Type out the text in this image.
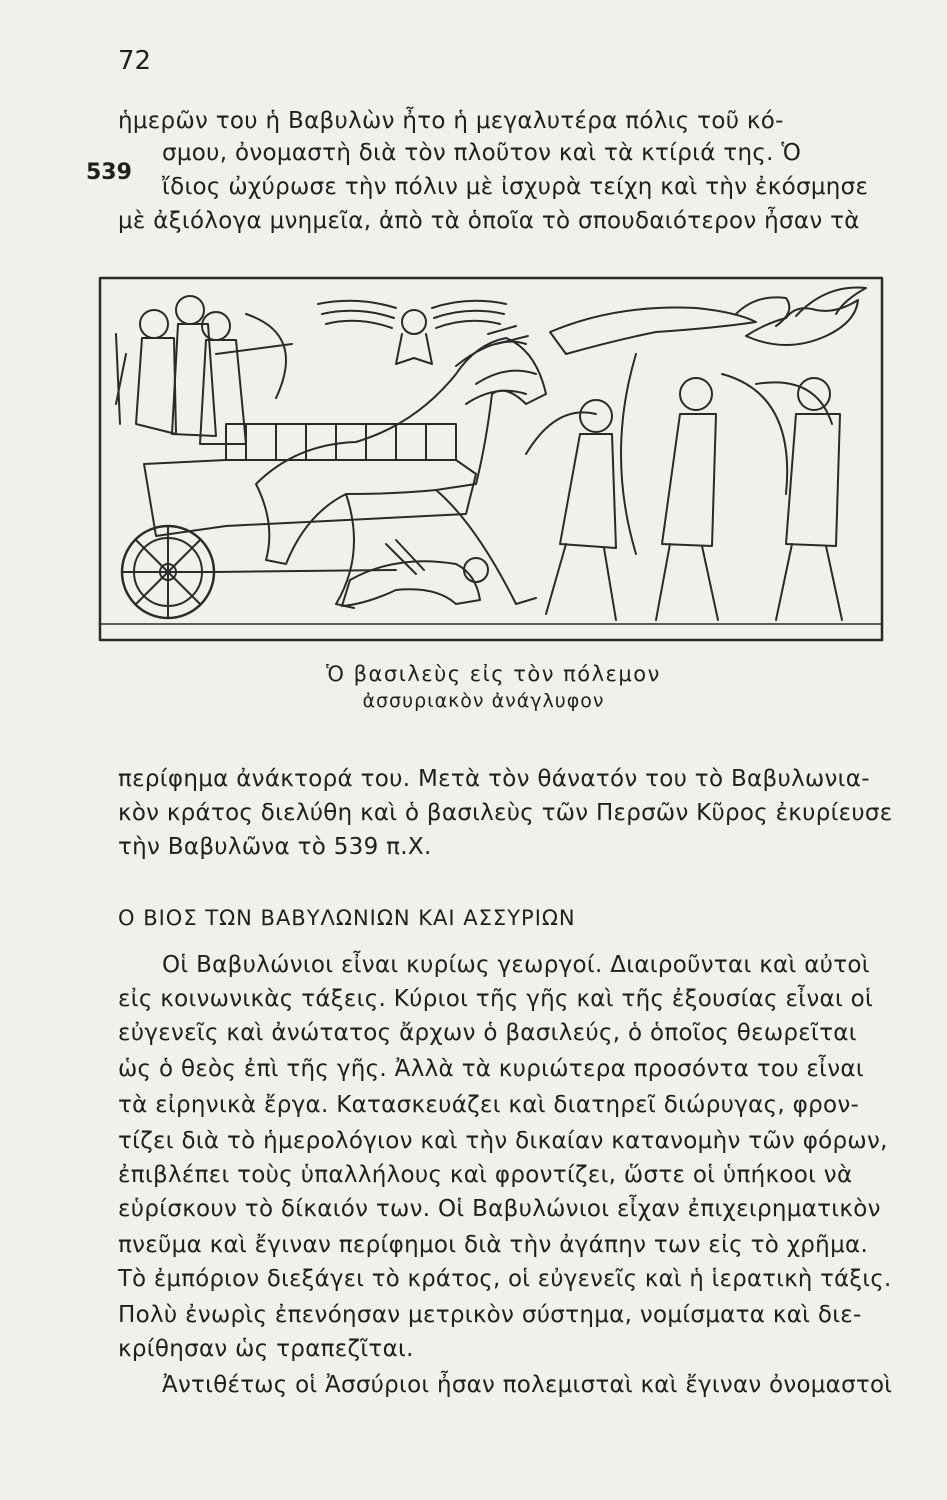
72
539
ἡμερῶν του ἡ Βαβυλὼν ἦτο ἡ μεγαλυτέρα πόλις τοῦ κό-
σμου, ὀνομαστὴ διὰ τὸν πλοῦτον καὶ τὰ κτίριά της. Ὁ
ἴδιος ὠχύρωσε τὴν πόλιν μὲ ἰσχυρὰ τείχη καὶ τὴν ἐκόσμησε
μὲ ἀξιόλογα μνημεῖα, ἀπὸ τὰ ὁποῖα τὸ σπουδαιότερον ἦσαν τὰ
Ὁ βασιλεὺς εἰς τὸν πόλεμον
ἀσσυριακὸν ἀνάγλυφον
περίφημα ἀνάκτορά του. Μετὰ τὸν θάνατόν του τὸ Βαβυλωνια-
κὸν κράτος διελύθη καὶ ὁ βασιλεὺς τῶν Περσῶν Κῦρος ἐκυρίευσε
τὴν Βαβυλῶνα τὸ 539 π.Χ.
Ο ΒΙΟΣ ΤΩΝ ΒΑΒΥΛΩΝΙΩΝ ΚΑΙ ΑΣΣΥΡΙΩΝ
Οἱ Βαβυλώνιοι εἶναι κυρίως γεωργοί. Διαιροῦνται καὶ αὐτοὶ
εἰς κοινωνικὰς τάξεις. Κύριοι τῆς γῆς καὶ τῆς ἐξουσίας εἶναι οἱ
εὐγενεῖς καὶ ἀνώτατος ἄρχων ὁ βασιλεύς, ὁ ὁποῖος θεωρεῖται
ὡς ὁ θεὸς ἐπὶ τῆς γῆς. Ἀλλὰ τὰ κυριώτερα προσόντα του εἶναι
τὰ εἰρηνικὰ ἔργα. Κατασκευάζει καὶ διατηρεῖ διώρυγας, φρον-
τίζει διὰ τὸ ἡμερολόγιον καὶ τὴν δικαίαν κατανομὴν τῶν φόρων,
ἐπιβλέπει τοὺς ὑπαλλήλους καὶ φροντίζει, ὥστε οἱ ὑπήκοοι νὰ
εὑρίσκουν τὸ δίκαιόν των. Οἱ Βαβυλώνιοι εἶχαν ἐπιχειρηματικὸν
πνεῦμα καὶ ἔγιναν περίφημοι διὰ τὴν ἀγάπην των εἰς τὸ χρῆμα.
Τὸ ἐμπόριον διεξάγει τὸ κράτος, οἱ εὐγενεῖς καὶ ἡ ἱερατικὴ τάξις.
Πολὺ ἐνωρὶς ἐπενόησαν μετρικὸν σύστημα, νομίσματα καὶ διε-
κρίθησαν ὡς τραπεζῖται.
Ἀντιθέτως οἱ Ἀσσύριοι ἦσαν πολεμισταὶ καὶ ἔγιναν ὀνομαστοὶ
